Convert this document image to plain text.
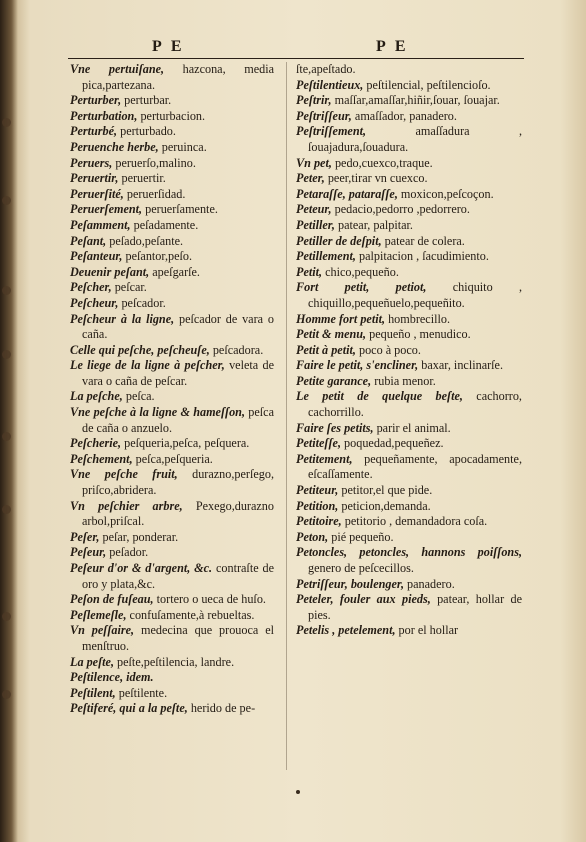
P E	P E

Vne pertuiſane, hazcona, media pica,partezana.

Perturber, perturbar.

Perturbation, perturbacion.

Perturbé, perturbado.

Peruenche herbe, peruinca.

Peruers, peruerſo,malino.

Peruertir, peruertir.

Peruerſité, peruerſidad.

Peruerſement, peruerſamente.

Peſamment, peſadamente.

Peſant, peſado,peſante.

Peſanteur, peſantor,peſo.

Deuenir peſant, apeſgarſe.

Peſcher, peſcar.

Peſcheur, peſcador.

Peſcheur à la ligne, peſcador de vara o caña.

Celle qui peſche, peſcheuſe, peſcadora.

Le liege de la ligne à peſcher, veleta de vara o caña de peſcar.

La peſche, peſca.

Vne peſche à la ligne & hameſſon, peſca de caña o anzuelo.

Peſcherie, peſqueria,peſca, peſquera.

Peſchement, peſca,peſqueria.

Vne peſche fruit, durazno,perſego, priſco,abridera.

Vn peſchier arbre, Pexego,durazno arbol,priſcal.

Peſer, peſar, ponderar.

Peſeur, peſador.

Peſeur d'or & d'argent, &c. contraſte de oro y plata,&c.

Peſon de fuſeau, tortero o ueca de huſo.

Peſlemeſle, confuſamente,à rebueltas.

Vn peſſaire, medecina que prouoca el menſtruo.

La peſte, peſte,peſtilencia, landre.

Peſtilence, idem.

Peſtilent, peſtilente.

Peſtiferé, qui a la peſte, herido de pe-

ſte,apeſtado.

Peſtilentieux, peſtilencial, peſtilencioſo.

Peſtrir, maſſar,amaſſar,hiñir,ſouar, ſouajar.

Peſtriſſeur, amaſſador, panadero.

Peſtriſſement, amaſſadura , ſouajadura,ſouadura.

Vn pet, pedo,cuexco,traque.

Peter, peer,tirar vn cuexco.

Petaraſſe, pataraſſe, moxicon,peſcoçon.

Peteur, pedacio,pedorro ,pedorrero.

Petiller, patear, palpitar.

Petiller de deſpit, patear de colera.

Petillement, palpitacion , ſacudimiento.

Petit, chico,pequeño.

Fort petit, petiot, chiquito , chiquillo,pequeñuelo,pequeñito.

Homme fort petit, hombrecillo.

Petit & menu, pequeño , menudico.

Petit à petit, poco à poco.

Faire le petit, s'encliner, baxar, inclinarſe.

Petite garance, rubia menor.

Le petit de quelque beſte, cachorro, cachorrillo.

Faire ſes petits, parir el animal.

Petiteſſe, poquedad,pequeñez.

Petitement, pequeñamente, apocadamente, eſcaſſamente.

Petiteur, petitor,el que pide.

Petition, peticion,demanda.

Petitoire, petitorio , demandadora coſa.

Peton, pié pequeño.

Petoncles, petoncles, hannons poiſſons, genero de peſcecillos.

Petriſſeur, boulenger, panadero.

Peteler, fouler aux pieds, patear, hollar de pies.

Petelis , petelement, por el hollar
